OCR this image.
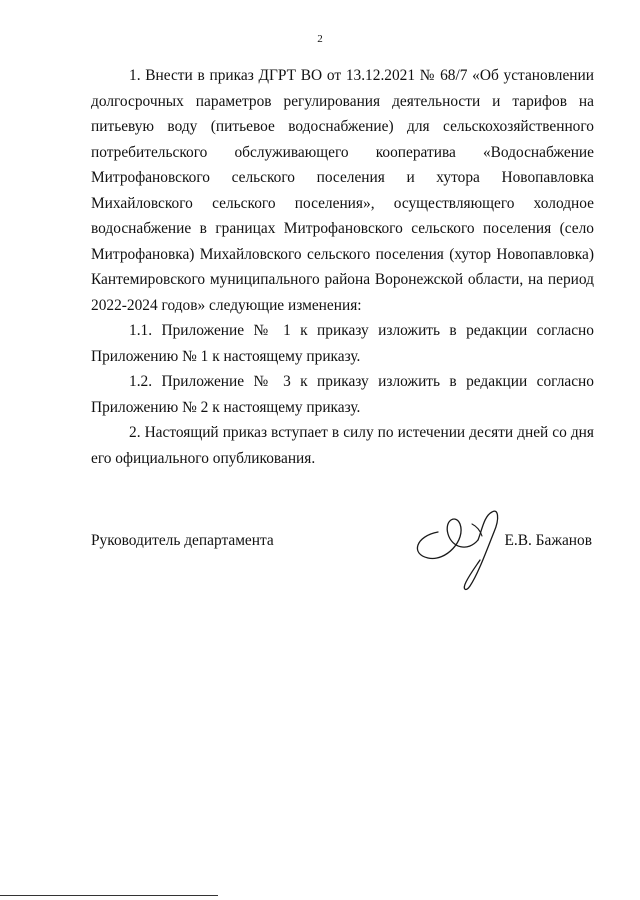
2

1. Внести в приказ ДГРТ ВО от 13.12.2021 № 68/7 «Об установлении долгосрочных параметров регулирования деятельности и тарифов на питьевую воду (питьевое водоснабжение) для сельскохозяйственного потребительского обслуживающего кооператива «Водоснабжение Митрофановского сельского поселения и хутора Новопавловка Михайловского сельского поселения», осуществляющего холодное водоснабжение в границах Митрофановского сельского поселения (село Митрофановка) Михайловского сельского поселения (хутор Новопавловка) Кантемировского муниципального района Воронежской области, на период 2022-2024 годов» следующие изменения:

1.1. Приложение № 1 к приказу изложить в редакции согласно Приложению № 1 к настоящему приказу.

1.2. Приложение № 3 к приказу изложить в редакции согласно Приложению № 2 к настоящему приказу.

2. Настоящий приказ вступает в силу по истечении десяти дней со дня его официального опубликования.

Руководитель департамента	Е.В. Бажанов
